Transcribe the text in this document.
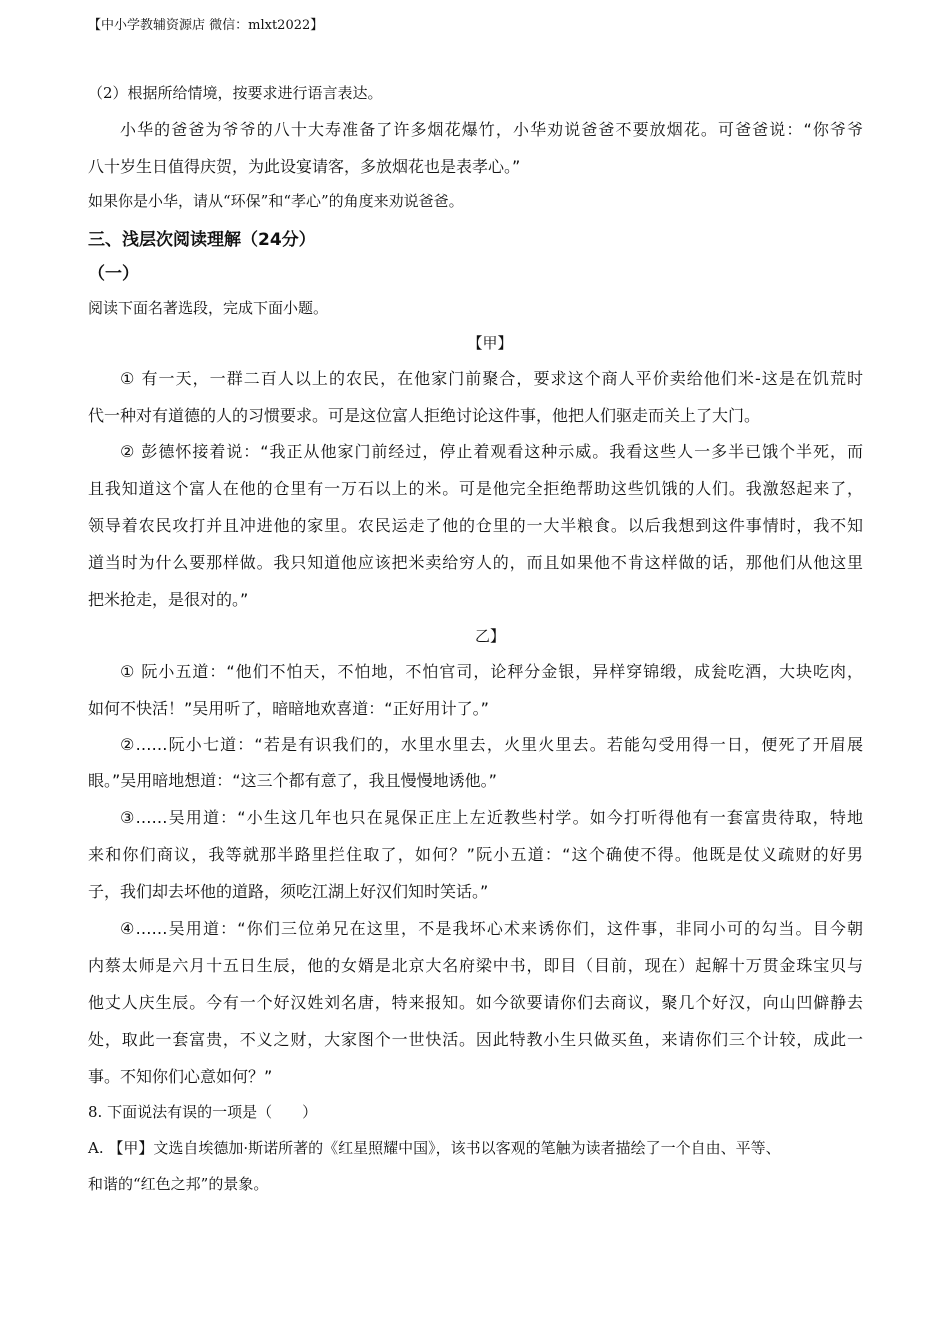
【中小学教辅资源店 微信：mlxt2022】
（2）根据所给情境，按要求进行语言表达。
小华的爸爸为爷爷的八十大寿准备了许多烟花爆竹，小华劝说爸爸不要放烟花。可爸爸说：“你爷爷
八十岁生日值得庆贺，为此设宴请客，多放烟花也是表孝心。”
如果你是小华，请从“环保”和“孝心”的角度来劝说爸爸。
三、浅层次阅读理解（24分）
（一）
阅读下面名著选段，完成下面小题。
【甲】
① 有一天，一群二百人以上的农民，在他家门前聚合，要求这个商人平价卖给他们米-这是在饥荒时
代一种对有道德的人的习惯要求。可是这位富人拒绝讨论这件事，他把人们驱走而关上了大门。
② 彭德怀接着说：“我正从他家门前经过，停止着观看这种示威。我看这些人一多半已饿个半死，而
且我知道这个富人在他的仓里有一万石以上的米。可是他完全拒绝帮助这些饥饿的人们。我激怒起来了，
领导着农民攻打并且冲进他的家里。农民运走了他的仓里的一大半粮食。以后我想到这件事情时，我不知
道当时为什么要那样做。我只知道他应该把米卖给穷人的，而且如果他不肯这样做的话，那他们从他这里
把米抢走，是很对的。”
乙】
① 阮小五道：“他们不怕天，不怕地，不怕官司，论秤分金银，异样穿锦缎，成瓮吃酒，大块吃肉，
如何不快活！”吴用听了，暗暗地欢喜道：“正好用计了。”
②……阮小七道：“若是有识我们的，水里水里去，火里火里去。若能勾受用得一日，便死了开眉展
眼。”吴用暗地想道：“这三个都有意了，我且慢慢地诱他。”
③……吴用道：“小生这几年也只在晁保正庄上左近教些村学。如今打听得他有一套富贵待取，特地
来和你们商议，我等就那半路里拦住取了，如何？”阮小五道：“这个确使不得。他既是仗义疏财的好男
子，我们却去坏他的道路，须吃江湖上好汉们知时笑话。”
④……吴用道：“你们三位弟兄在这里，不是我坏心术来诱你们，这件事，非同小可的勾当。目今朝
内蔡太师是六月十五日生辰，他的女婿是北京大名府梁中书，即目（目前，现在）起解十万贯金珠宝贝与
他丈人庆生辰。今有一个好汉姓刘名唐，特来报知。如今欲要请你们去商议，聚几个好汉，向山凹僻静去
处，取此一套富贵，不义之财，大家图个一世快活。因此特教小生只做买鱼，来请你们三个计较，成此一
事。不知你们心意如何？”
8. 下面说法有误的一项是（　　）
A. 【甲】文选自埃德加·斯诺所著的《红星照耀中国》，该书以客观的笔触为读者描绘了一个自由、平等、
和谐的“红色之邦”的景象。
